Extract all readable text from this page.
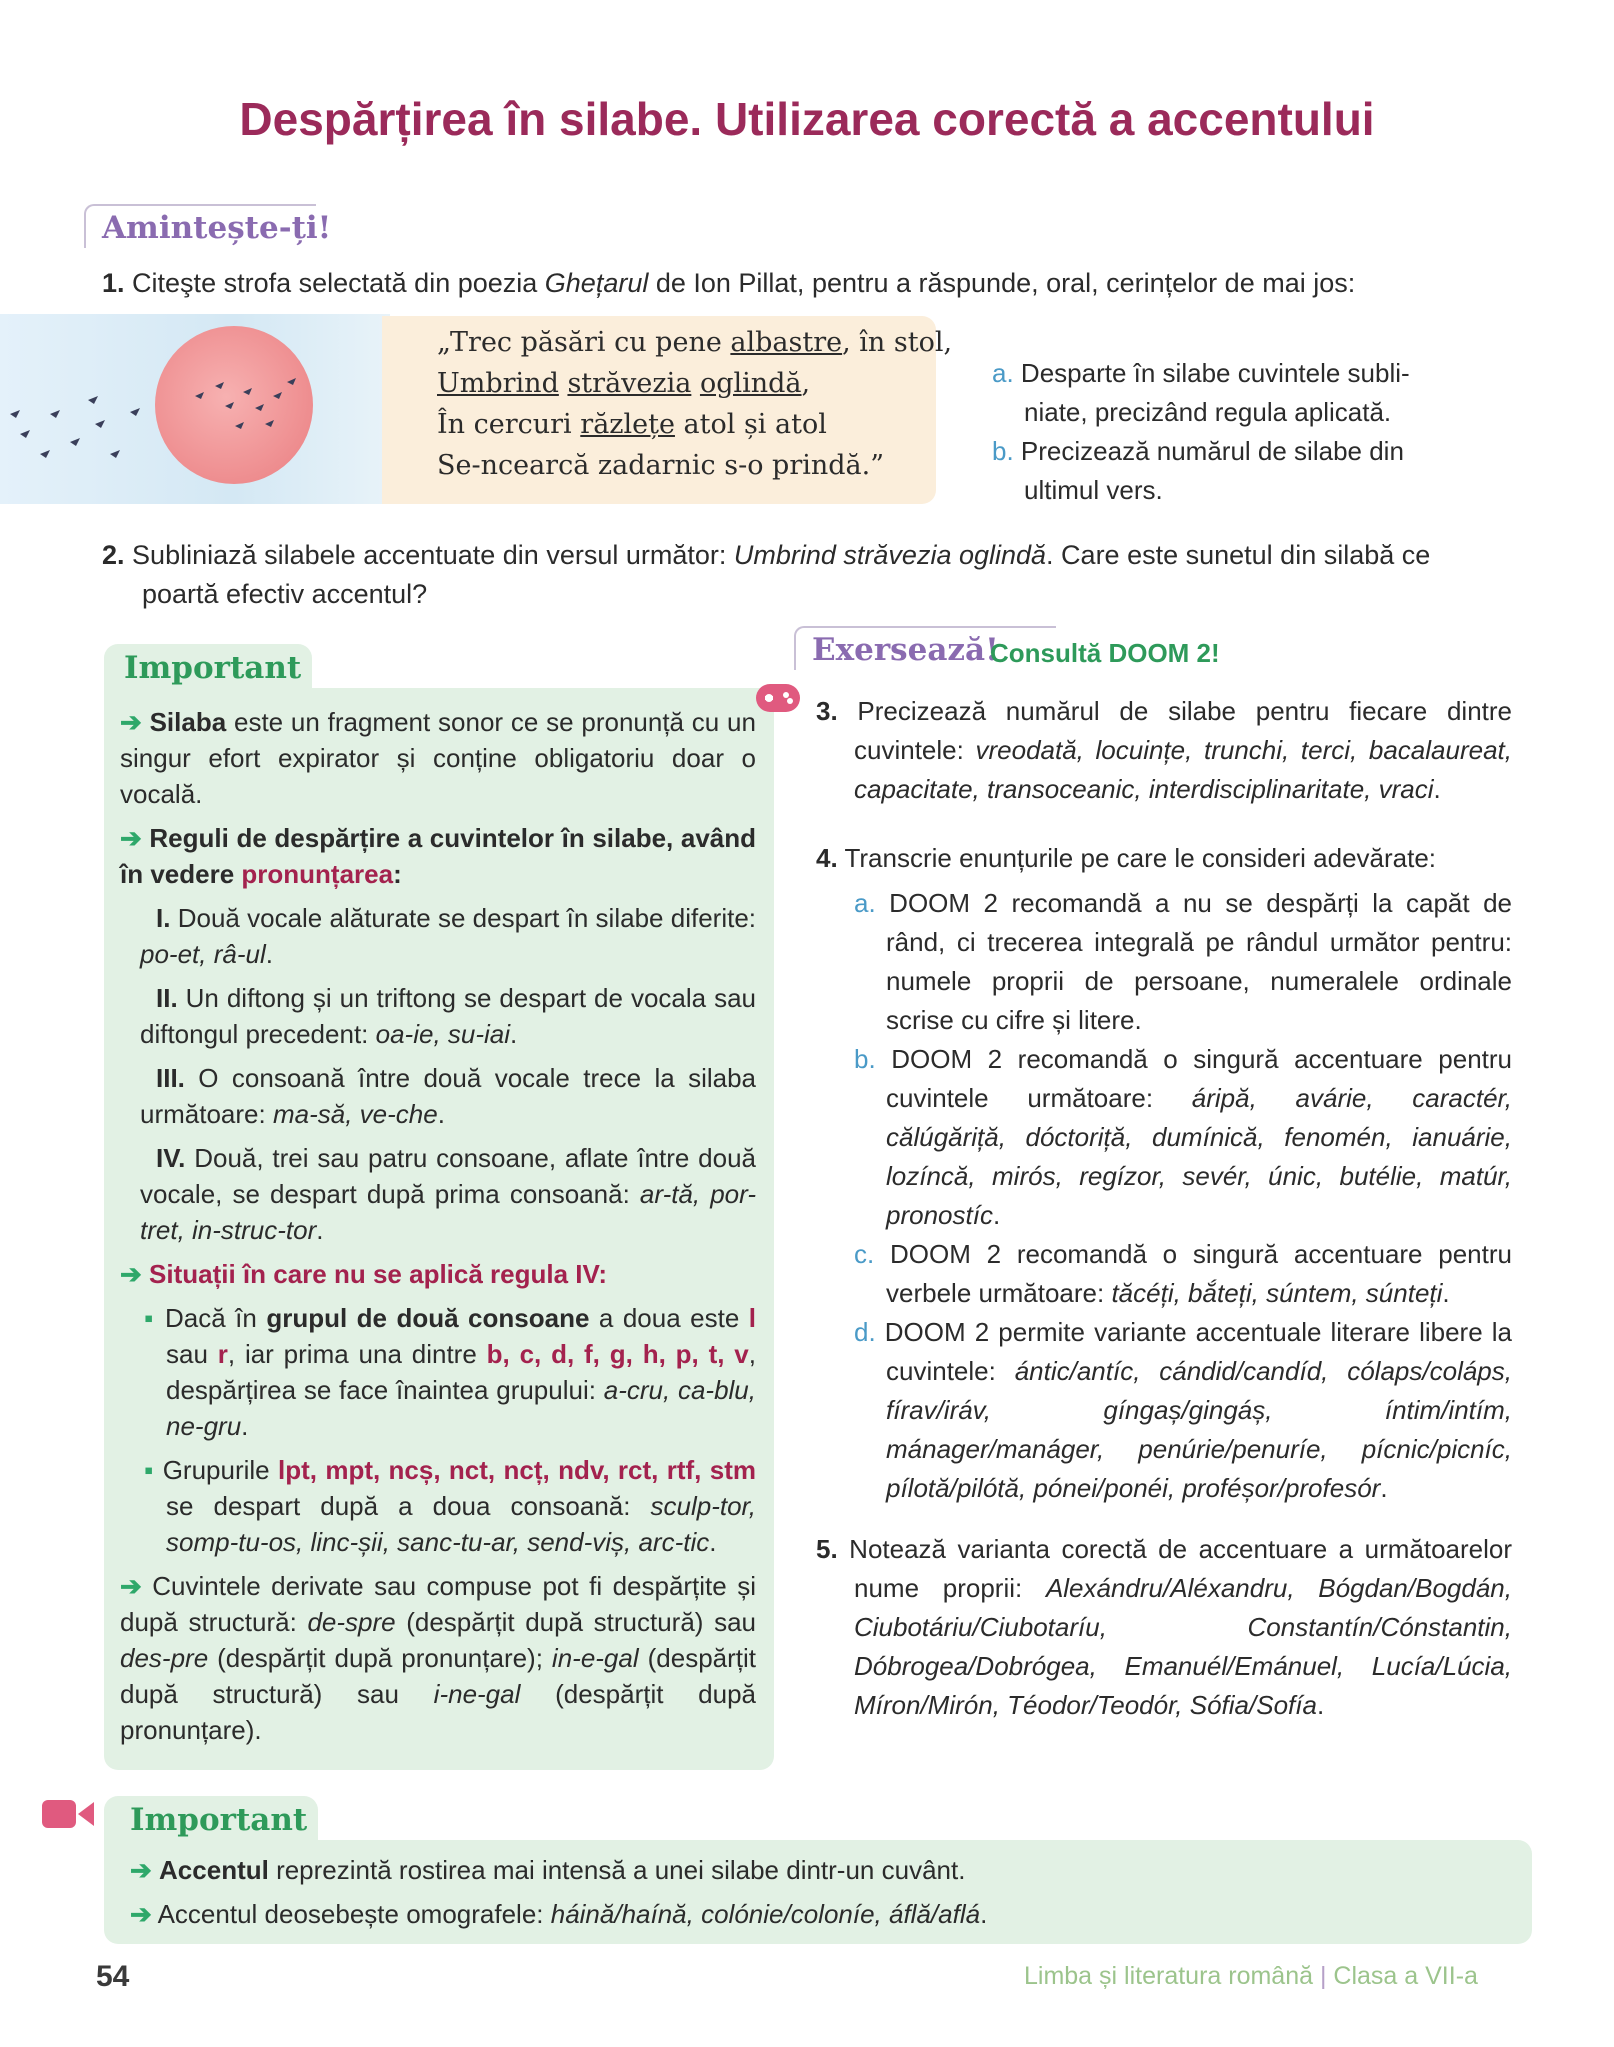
Despărțirea în silabe. Utilizarea corectă a accentului
Amintește-ți!
1. Citeşte strofa selectată din poezia Ghețarul de Ion Pillat, pentru a răspunde, oral, cerințelor de mai jos:
„Trec păsări cu pene albastre, în stol,
Umbrind străvezia oglindă,
În cercuri răzlețe atol și atol
Se-ncearcă zadarnic s-o prindă.”
a. Desparte în silabe cuvintele subli-
niate, precizând regula aplicată.
b. Precizează numărul de silabe din
ultimul vers.
2. Subliniază silabele accentuate din versul următor: Umbrind străvezia oglindă. Care este sunetul din silabă ce
poartă efectiv accentul?
Important

➔ Silaba este un fragment sonor ce se pronunță cu un singur efort expirator și conține obligatoriu doar o vocală.

➔ Reguli de despărțire a cuvintelor în silabe, având în vedere pronunțarea:

I. Două vocale alăturate se despart în silabe diferite: po-et, râ-ul.

II. Un diftong și un triftong se despart de vocala sau diftongul precedent: oa-ie, su-iai.

III. O consoană între două vocale trece la silaba următoare: ma-să, ve-che.

IV. Două, trei sau patru consoane, aflate între două vocale, se despart după prima consoană: ar-tă, por-tret, in-struc-tor.

➔ Situații în care nu se aplică regula IV:

▪ Dacă în grupul de două consoane a doua este l sau r, iar prima una dintre b, c, d, f, g, h, p, t, v, despărțirea se face înaintea grupului: a-cru, ca-blu, ne-gru.

▪ Grupurile lpt, mpt, ncș, nct, ncț, ndv, rct, rtf, stm se despart după a doua consoană: sculp-tor, somp-tu-os, linc-șii, sanc-tu-ar, send-viș, arc-tic.

➔ Cuvintele derivate sau compuse pot fi despărțite și după structură: de-spre (despărțit după structură) sau des-pre (despărțit după pronunțare); in-e-gal (despărțit după structură) sau i-ne-gal (despărțit după pronunțare).

Exersează!
Consultă DOOM 2!

3. Precizează numărul de silabe pentru fiecare dintre cuvintele: vreodată, locuințe, trunchi, terci, bacalaureat, capacitate, transoceanic, interdisciplinaritate, vraci.

4. Transcrie enunțurile pe care le consideri adevărate:

a. DOOM 2 recomandă a nu se despărți la capăt de rând, ci trecerea integrală pe rândul următor pentru: numele proprii de persoane, numeralele ordinale scrise cu cifre și litere.

b. DOOM 2 recomandă o singură accentuare pentru cuvintele următoare: áripă, avárie, caractér, călúgăriță, dóctoriță, dumínică, fenomén, ianuárie, lozíncă, mirós, regízor, sevér, únic, butélie, matúr, pronostíc.

c. DOOM 2 recomandă o singură accentuare pentru verbele următoare: tăcéți, bắteți, súntem, súnteți.

d. DOOM 2 permite variante accentuale literare libere la cuvintele: ántic/antíc, cándid/candíd, cólaps/coláps, fírav/iráv, gíngaș/gingáș, íntim/intím, mánager/manáger, penúrie/penuríe, pícnic/picníc, pílotă/pilótă, pónei/ponéi, proféșor/profesór.

5. Notează varianta corectă de accentuare a următoarelor nume proprii: Alexándru/Aléxandru, Bógdan/Bogdán, Ciubotáriu/Ciubotaríu, Constantín/Cónstantin, Dóbrogea/Dobrógea, Emanuél/Emánuel, Lucía/Lúcia, Míron/Mirón, Téodor/Teodór, Sófia/Sofía.

Important
➔ Accentul reprezintă rostirea mai intensă a unei silabe dintr-un cuvânt.
➔ Accentul deosebește omografele: háină/haínă, colónie/coloníe, áflă/aflá.
54	Limba și literatura română | Clasa a VII-a
